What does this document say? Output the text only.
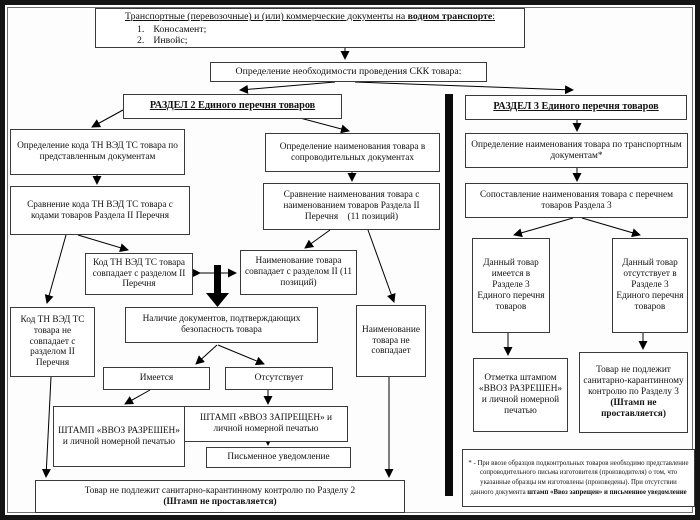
Транспортные (перевозочные) и (или) коммерческие документы на водном транспорте:
1. Коносамент;
2. Инвойс;
Определение необходимости проведения СКК товара:
РАЗДЕЛ 2 Единого перечня товаров
Определение кода ТН ВЭД ТС товара по представленным документам
Определение наименования товара в сопроводительных документах
Сравнение кода ТН ВЭД ТС товара с кодами товаров Раздела II Перечня
Сравнение наименования товара с наименованием товаров Раздела II Перечня    (11 позиций)
Код ТН ВЭД ТС товара совпадает с разделом II Перечня
Наименование товара совпадает с разделом II (11 позиций)
Код ТН ВЭД ТС товара не совпадает с разделом II Перечня
Наличие документов, подтверждающих безопасность товара	Наименование товара не совпадает
Имеется	Отсутствует
ШТАМП «ВВОЗ РАЗРЕШЕН» и личной номерной печатью
ШТАМП «ВВОЗ ЗАПРЕЩЕН» и личной номерной печатью
Письменное уведомление
Товар не подлежит санитарно-карантинному контролю по Разделу 2
(Штамп не проставляется)
РАЗДЕЛ 3 Единого перечня товаров
Определение наименования товара по транспортным документам*
Сопоставление наименования товара с перечнем товаров Раздела 3
Данный товар имеется в Разделе 3 Единого перечня товаров
Данный товар отсутствует в Разделе 3 Единого перечня товаров
Отметка штампом «ВВОЗ РАЗРЕШЕН» и личной номерной печатью
Товар не подлежит санитарно-карантинному контролю по Разделу 3 (Штамп не проставляется)
* - При ввозе образцов подконтрольных товаров необходимо представление сопроводительного письма изготовителя (производителя) о том, что указанные образцы им изготовлены (произведены). При отсутствии данного документа штамп «Ввоз запрещен» и письменное уведомление
